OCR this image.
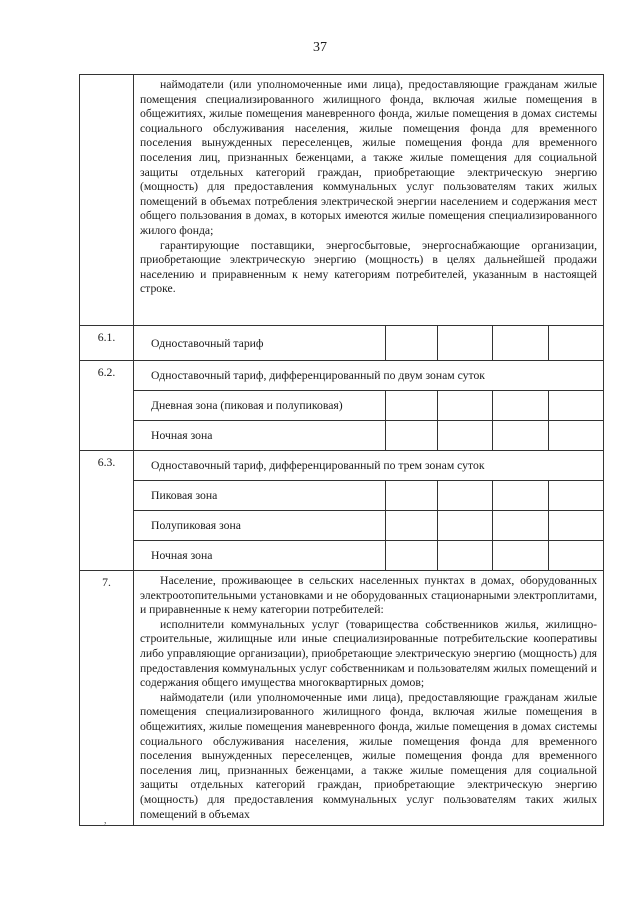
37

	наймодатели (или уполномоченные ими лица), предоставляющие гражданам жилые помещения специализированного жилищного фонда, включая жилые помещения в общежитиях, жилые помещения маневренного фонда, жилые помещения в домах системы социального обслуживания населения, жилые помещения фонда для временного поселения вынужденных переселенцев, жилые помещения фонда для временного поселения лиц, признанных беженцами, а также жилые помещения для социальной защиты отдельных категорий граждан, приобретающие электрическую энергию (мощность) для предоставления коммунальных услуг пользователям таких жилых помещений в объемах потребления электрической энергии населением и содержания мест общего пользования в домах, в которых имеются жилые помещения специализированного жилого фонда;

гарантирующие поставщики, энергосбытовые, энергоснабжающие организации, приобретающие электрическую энергию (мощность) в целях дальнейшей продажи населению и приравненным к нему категориям потребителей, указанным в настоящей строке.				

6.1.	Одноставочный тариф				
6.2.	Одноставочный тариф, дифференцированный по двум зонам суток				
	Дневная зона (пиковая и полупиковая)				
	Ночная зона				
6.3.	Одноставочный тариф, дифференцированный по трем зонам суток				
	Пиковая зона				
	Полупиковая зона				
	Ночная зона				
7.	Население, проживающее в сельских населенных пунктах в домах, оборудованных электроотопительными установками и не оборудованных стационарными электроплитами, и приравненные к нему категории потребителей:

исполнители коммунальных услуг (товарищества собственников жилья, жилищно-строительные, жилищные или иные специализированные потребительские кооперативы либо управляющие организации), приобретающие электрическую энергию (мощность) для предоставления коммунальных услуг собственникам и пользователям жилых помещений и содержания общего имущества многоквартирных домов;

наймодатели (или уполномоченные ими лица), предоставляющие гражданам жилые помещения специализированного жилищного фонда, включая жилые помещения в общежитиях, жилые помещения маневренного фонда, жилые помещения в домах системы социального обслуживания населения, жилые помещения фонда для временного поселения вынужденных переселенцев, жилые помещения фонда для временного поселения лиц, признанных беженцами, а также жилые помещения для социальной защиты отдельных категорий граждан, приобретающие электрическую энергию (мощность) для предоставления коммунальных услуг пользователям таких жилых помещений в объемах				

,
